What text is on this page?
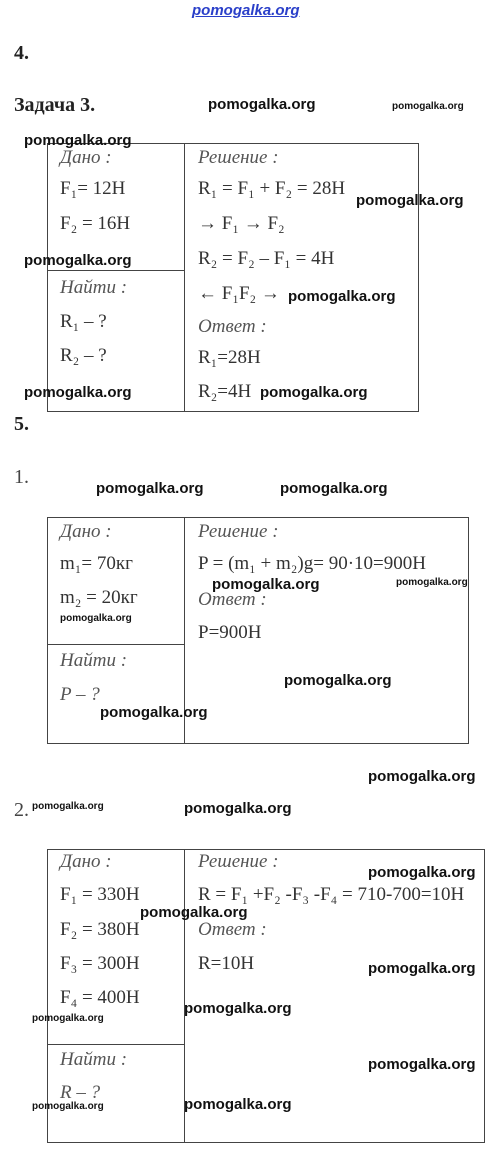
pomogalka.org
4.
Задача 3.
Дано :
F₁= 12Н
F₂ = 16Н
Найти :
R₁ – ?
R₂ – ?
Решение :
R₁ = F₁ + F₂ = 28Н
→ F₁ → F₂
R₂ = F₂ – F₁ = 4Н
← F₁F₂ →
Ответ :
R₁=28Н
R₂=4Н
5.
1.
Дано :
m₁= 70кг
m₂ = 20кг
Найти :
P – ?
Решение :
P = (m₁ + m₂)g= 90·10=900Н
Ответ :
P=900Н
2.
Дано :
F₁ = 330Н
F₂ = 380Н
F₃ = 300Н
F₄ = 400Н
Найти :
R – ?
Решение :
R = F₁ +F₂ -F₃ -F₄ = 710-700=10Н
Ответ :
R=10Н
pomogalka.org	pomogalka.org
pomogalka.org
pomogalka.org
pomogalka.org
pomogalka.org
pomogalka.org	pomogalka.org
pomogalka.org	pomogalka.org
pomogalka.org	pomogalka.org
pomogalka.org
pomogalka.org
pomogalka.org
pomogalka.org
pomogalka.org	pomogalka.org
pomogalka.org
pomogalka.org
pomogalka.org
pomogalka.org
pomogalka.org
pomogalka.org
pomogalka.org	pomogalka.org
